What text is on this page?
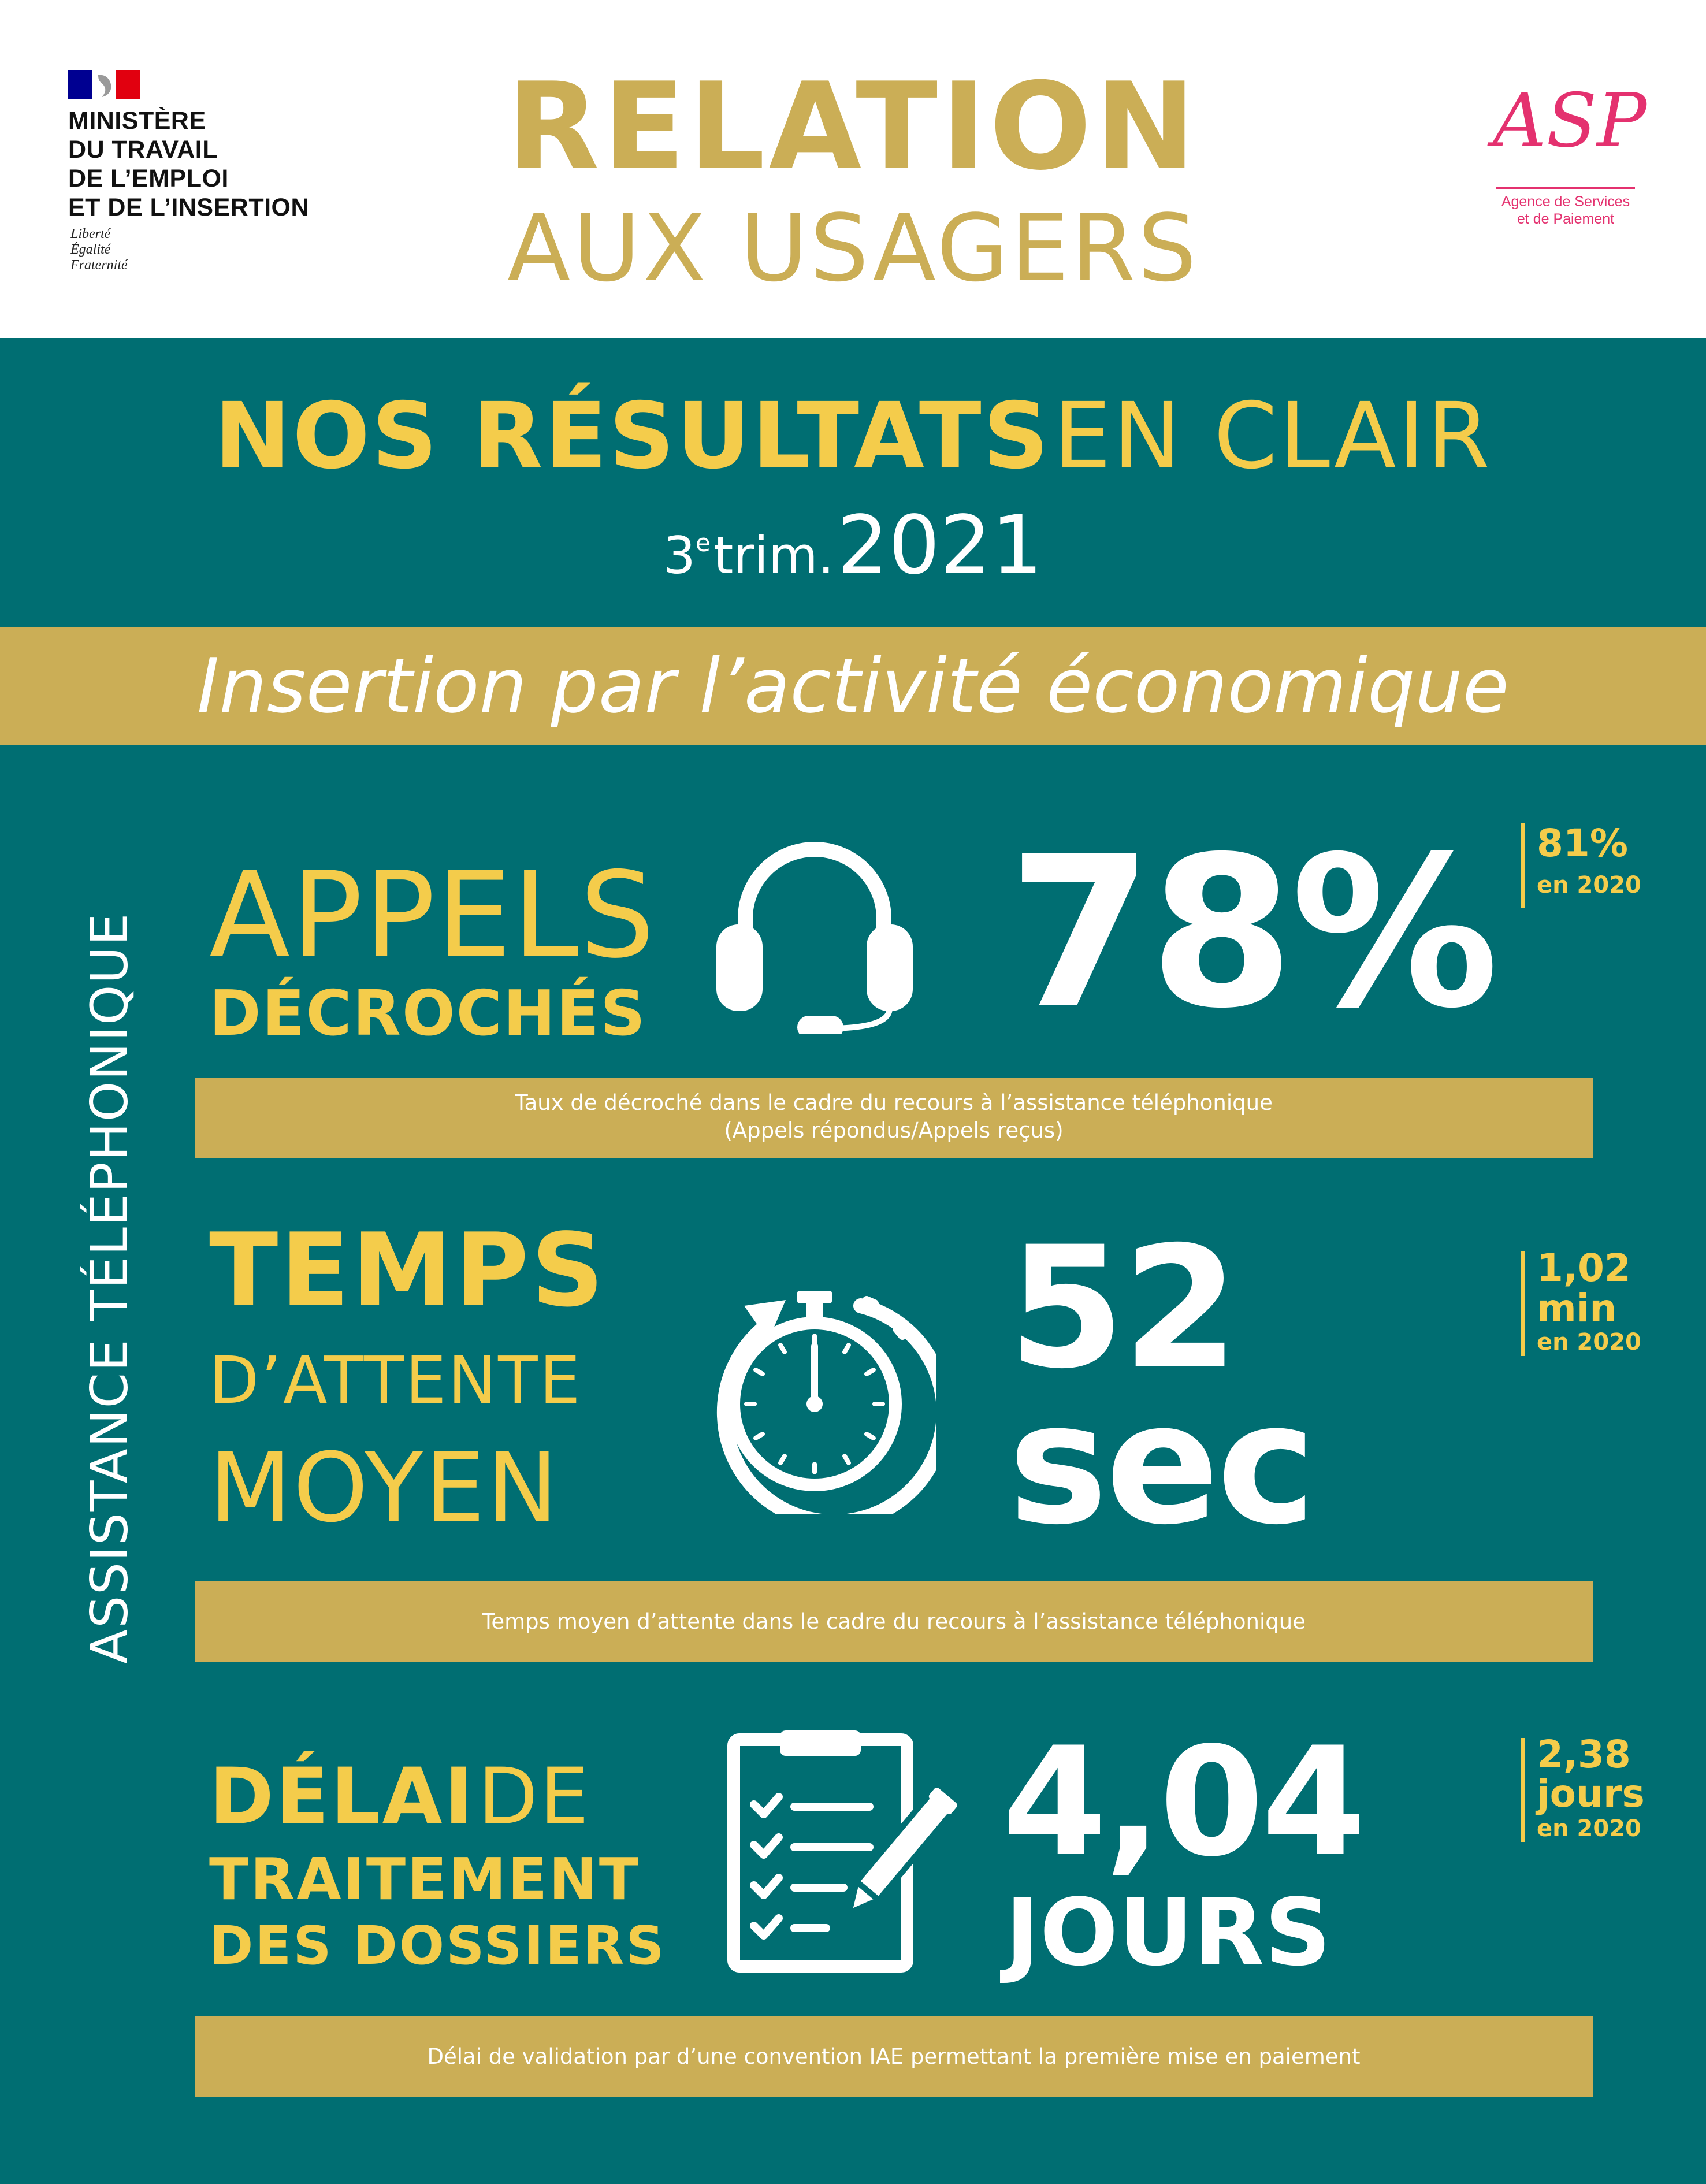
MINISTÈRE
DU TRAVAIL
DE L’EMPLOI
ET DE L’INSERTION
Liberté
Égalité
Fraternité
RELATION
AUX USAGERS
ASP
Agence de Services
et de Paiement
NOS RÉSULTATS EN CLAIR
3e trim. 2021
Insertion par l’activité économique
ASSISTANCE TÉLÉPHONIQUE APPELS
DÉCROCHÉS 78% 81%
en 2020
Taux de décroché dans le cadre du recours à l’assistance téléphonique
(Appels répondus/Appels reçus)
TEMPS
D’ATTENTE
MOYEN
52
sec
1,02
min
en 2020
Temps moyen d’attente dans le cadre du recours à l’assistance téléphonique
DÉLAI DE
TRAITEMENT
DES DOSSIERS
4,04
JOURS
2,38
jours
en 2020
Délai de validation par d’une convention IAE permettant la première mise en paiement
